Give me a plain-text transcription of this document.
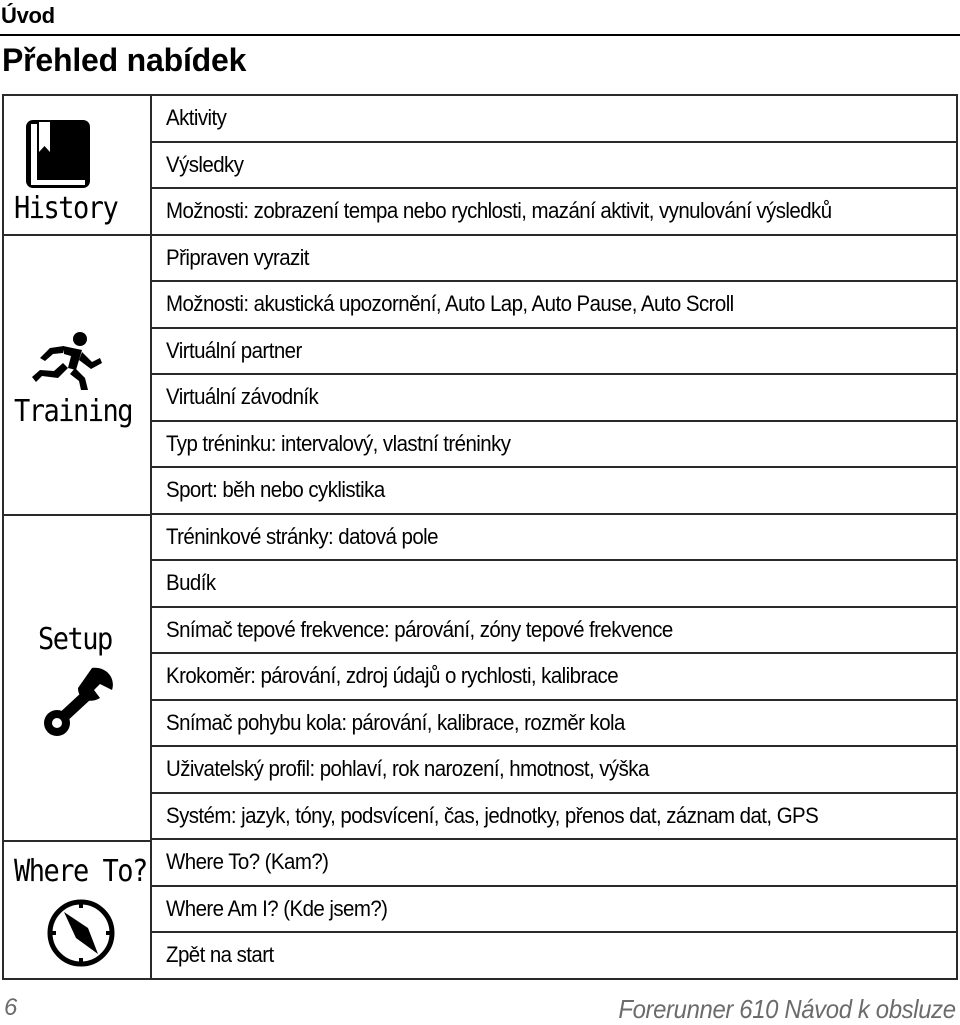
Úvod
Přehled nabídek
History
Training
Setup
Where To?
Aktivity
Výsledky
Možnosti: zobrazení tempa nebo rychlosti, mazání aktivit, vynulování výsledků
Připraven vyrazit
Možnosti: akustická upozornění, Auto Lap, Auto Pause, Auto Scroll
Virtuální partner
Virtuální závodník
Typ tréninku: intervalový, vlastní tréninky
Sport: běh nebo cyklistika
Tréninkové stránky: datová pole
Budík
Snímač tepové frekvence: párování, zóny tepové frekvence
Krokoměr: párování, zdroj údajů o rychlosti, kalibrace
Snímač pohybu kola: párování, kalibrace, rozměr kola
Uživatelský profil: pohlaví, rok narození, hmotnost, výška
Systém: jazyk, tóny, podsvícení, čas, jednotky, přenos dat, záznam dat, GPS
Where To? (Kam?)
Where Am I? (Kde jsem?)
Zpět na start
6	Forerunner 610 Návod k obsluze
